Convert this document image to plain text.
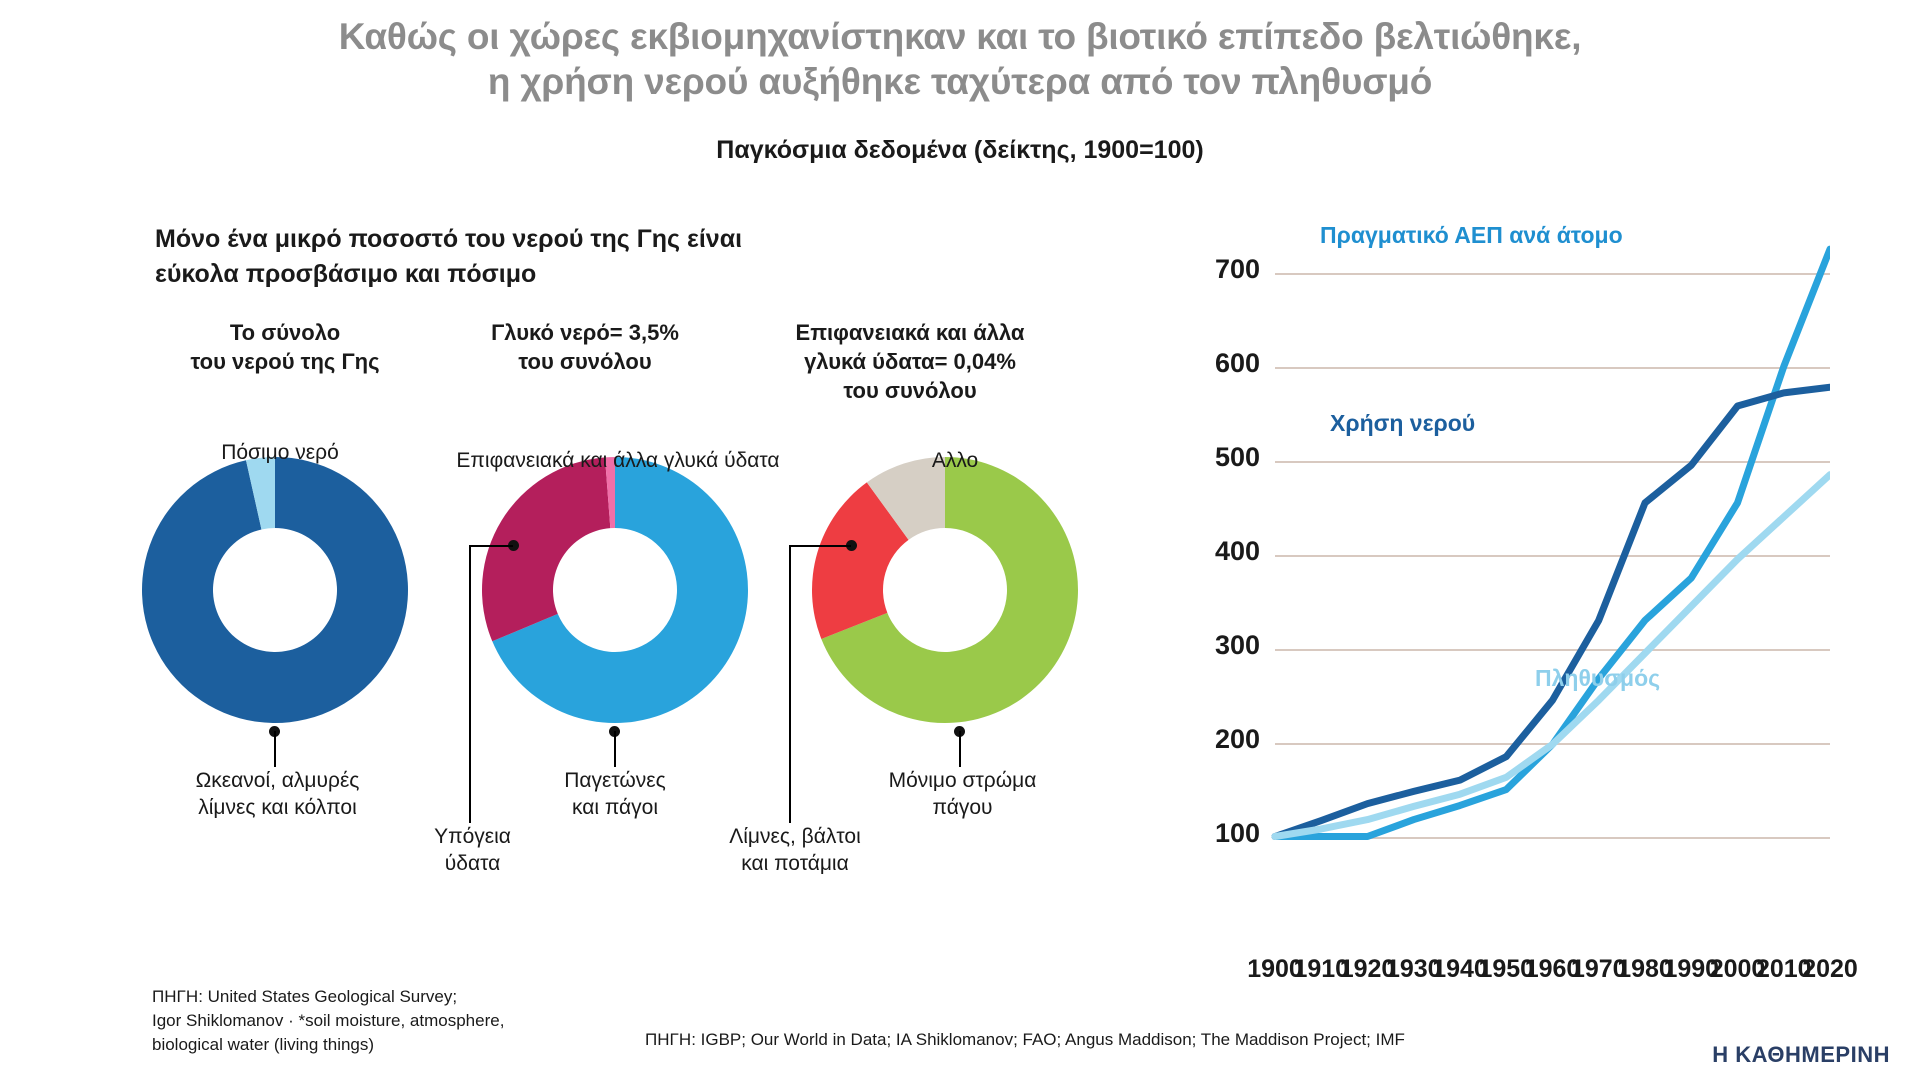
Καθώς οι χώρες εκβιομηχανίστηκαν και το βιοτικό επίπεδο βελτιώθηκε,
η χρήση νερού αυξήθηκε ταχύτερα από τον πληθυσμό
Παγκόσμια δεδομένα (δείκτης, 1900=100)
Μόνο ένα μικρό ποσοστό του νερού της Γης είναι
εύκολα προσβάσιμο και πόσιμο
Το σύνολο
του νερού της Γης
Γλυκό νερό= 3,5%
του συνόλου
Επιφανειακά και άλλα
γλυκά ύδατα= 0,04%
του συνόλου
Πόσιμο νερό
Ωκεανοί, αλμυρές
λίμνες και κόλποι
Επιφανειακά και άλλα γλυκά ύδατα
Υπόγεια
ύδατα
Παγετώνες
και πάγοι
Αλλο
Λίμνες, βάλτοι
και ποτάμια
Μόνιμο στρώμα
πάγου
ΠΗΓΗ: United States Geological Survey;
Igor Shiklomanov · *soil moisture, atmosphere,
biological water (living things)
100
200
300
400
500
600
700
1900
1910
1920
1930
1940
1950
1960
1970
1980
1990
2000
2010
2020
Πραγματικό ΑΕΠ ανά άτομο
Χρήση νερού
Πληθυσμός
ΠΗΓΗ: IGBP; Our World in Data; IA Shiklomanov; FAO; Angus Maddison; The Maddison Project; IMF
Η ΚΑΘΗΜΕΡΙΝΗ
